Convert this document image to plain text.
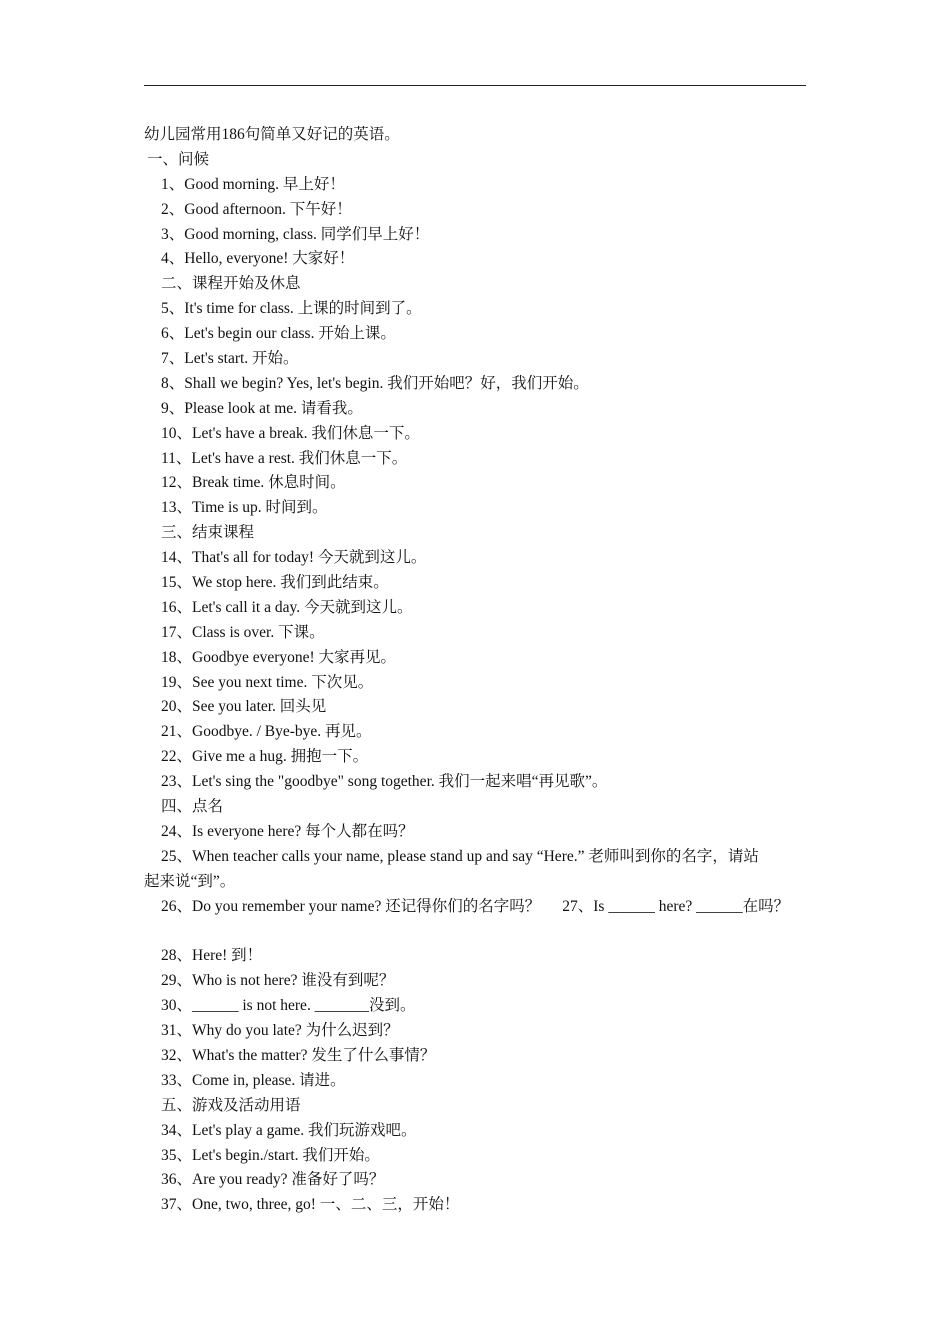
幼儿园常用186句简单又好记的英语。
一、问候
1、Good morning. 早上好！
2、Good afternoon. 下午好！
3、Good morning, class. 同学们早上好！
4、Hello, everyone! 大家好！
二、课程开始及休息
5、It's time for class. 上课的时间到了。
6、Let's begin our class. 开始上课。
7、Let's start. 开始。
8、Shall we begin? Yes, let's begin. 我们开始吧？好，我们开始。
9、Please look at me. 请看我。
10、Let's have a break. 我们休息一下。
11、Let's have a rest. 我们休息一下。
12、Break time. 休息时间。
13、Time is up. 时间到。
三、结束课程
14、That's all for today! 今天就到这儿。
15、We stop here. 我们到此结束。
16、Let's call it a day. 今天就到这儿。
17、Class is over. 下课。
18、Goodbye everyone! 大家再见。
19、See you next time. 下次见。
20、See you later. 回头见
21、Goodbye. / Bye-bye. 再见。
22、Give me a hug. 拥抱一下。
23、Let's sing the "goodbye" song together. 我们一起来唱“再见歌”。
四、点名
24、Is everyone here? 每个人都在吗？
25、When teacher calls your name, please stand up and say “Here.” 老师叫到你的名字，请站
起来说“到”。
26、Do you remember your name? 还记得你们的名字吗？ 27、Is ______ here? ______在吗？
28、Here! 到！
29、Who is not here? 谁没有到呢？
30、______ is not here. _______没到。
31、Why do you late? 为什么迟到？
32、What's the matter? 发生了什么事情？
33、Come in, please. 请进。
五、游戏及活动用语
34、Let's play a game. 我们玩游戏吧。
35、Let's begin./start. 我们开始。
36、Are you ready? 准备好了吗？
37、One, two, three, go! 一、二、三，开始！
